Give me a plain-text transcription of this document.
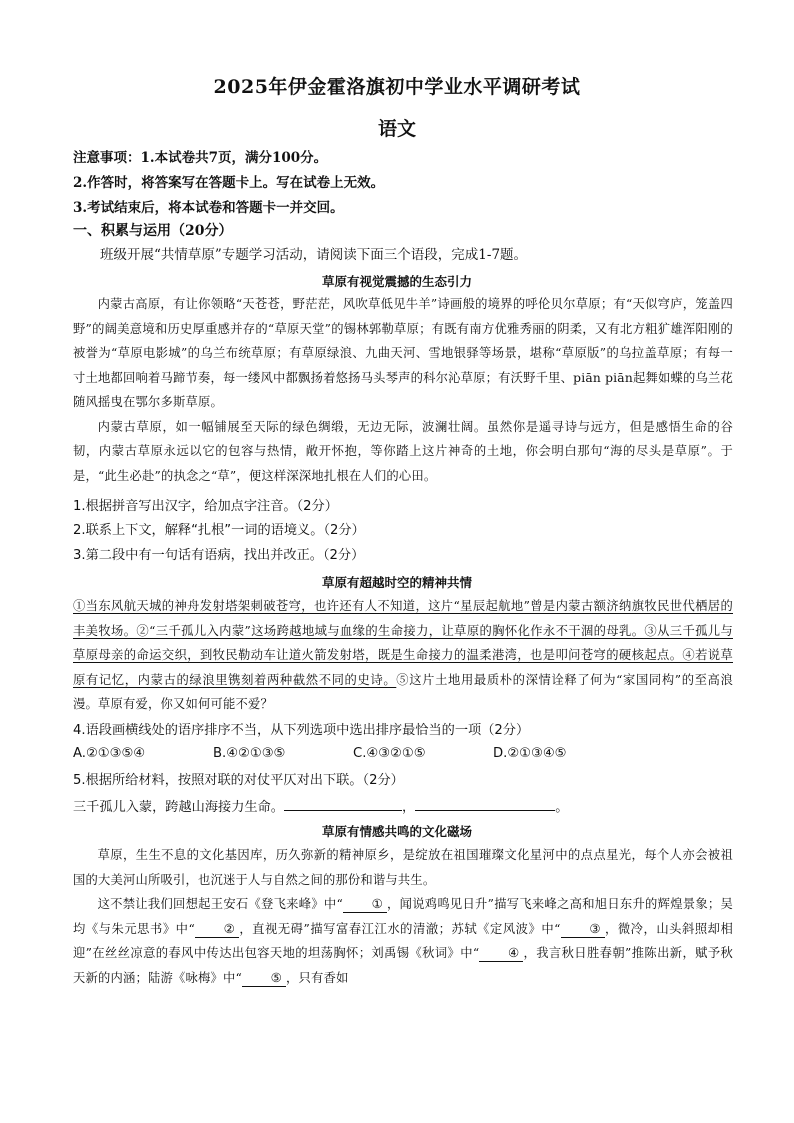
2025年伊金霍洛旗初中学业水平调研考试
语文
注意事项：1.本试卷共7页，满分100分。
2.作答时，将答案写在答题卡上。写在试卷上无效。
3.考试结束后，将本试卷和答题卡一并交回。
一、积累与运用（20分）
班级开展“共情草原”专题学习活动，请阅读下面三个语段，完成1-7题。
草原有视觉震撼的生态引力

内蒙古高原，有让你领略“天苍苍，野茫茫，风吹草低见牛羊”诗画般的境界的呼伦贝尔草原；有“天似穹庐，笼盖四野”的阔美意境和历史厚重感并存的“草原天堂”的锡林郭勒草原；有既有南方优雅秀丽的阴柔，又有北方粗犷雄浑阳刚的被誉为“草原电影城”的乌兰布统草原；有草原绿浪、九曲天河、雪地银驿等场景，堪称“草原版”的乌拉盖草原；有每一寸土地都回响着马蹄节奏，每一缕风中都飘扬着悠扬马头琴声的科尔沁草原；有沃野千里、piān piān起舞如蝶的乌兰花随风摇曳在鄂尔多斯草原。

内蒙古草原，如一幅铺展至天际的绿色绸缎，无边无际，波澜壮阔。虽然你是遥寻诗与远方，但是感悟生命的谷韧，内蒙古草原永远以它的包容与热情，敞开怀抱，等你踏上这片神奇的土地，你会明白那句“海的尽头是草原”。于是，“此生必赴”的执念之“草”，便这样深深地扎根在人们的心田。

1.根据拼音写出汉字，给加点字注音。（2分）
2.联系上下文，解释“扎根”一词的语境义。（2分）
3.第二段中有一句话有语病，找出并改正。（2分）
草原有超越时空的精神共情

①当东风航天城的神舟发射塔架刺破苍穹，也许还有人不知道，这片“星辰起航地”曾是内蒙古额济纳旗牧民世代栖居的丰美牧场。②“三千孤儿入内蒙”这场跨越地域与血缘的生命接力，让草原的胸怀化作永不干涸的母乳。③从三千孤儿与草原母亲的命运交织，到牧民勒动车让道火箭发射塔，既是生命接力的温柔港湾，也是叩问苍穹的硬核起点。④若说草原有记忆，内蒙古的绿浪里镌刻着两种截然不同的史诗。⑤这片土地用最质朴的深情诠释了何为“家国同构”的至高浪漫。草原有爱，你又如何可能不爱？

4.语段画横线处的语序排序不当，从下列选项中选出排序最恰当的一项（2分）
A.②①③⑤④	B.④②①③⑤	C.④③②①⑤	D.②①③④⑤
5.根据所给材料，按照对联的对仗平仄对出下联。（2分）
三千孤儿入蒙，跨越山海接力生命。	，	。
草原有情感共鸣的文化磁场

草原，生生不息的文化基因库，历久弥新的精神原乡，是绽放在祖国璀璨文化星河中的点点星光，每个人亦会被祖国的大美河山所吸引，也沉迷于人与自然之间的那份和谐与共生。

这不禁让我们回想起王安石《登飞来峰》中“ ① ，闻说鸡鸣见日升”描写飞来峰之高和旭日东升的辉煌景象；吴均《与朱元思书》中“ ② ，直视无碍”描写富春江江水的清澈；苏轼《定风波》中“ ③ ，微冷，山头斜照却相迎”在丝丝凉意的春风中传达出包容天地的坦荡胸怀；刘禹锡《秋词》中“ ④ ，我言秋日胜春朝”推陈出新，赋予秋天新的内涵；陆游《咏梅》中“ ⑤ ，只有香如
